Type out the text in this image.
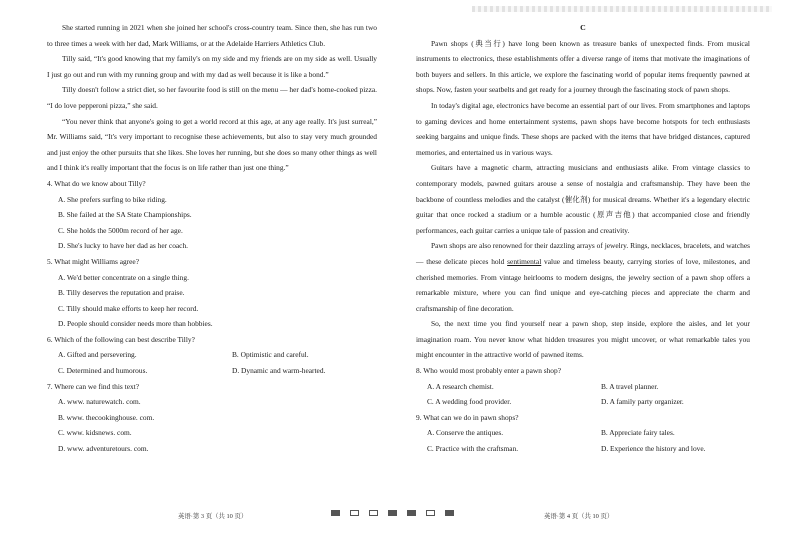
She started running in 2021 when she joined her school's cross-country team. Since then, she has run two to three times a week with her dad, Mark Williams, or at the Adelaide Harriers Athletics Club.

Tilly said, “It's good knowing that my family's on my side and my friends are on my side as well. Usually I just go out and run with my running group and with my dad as well because it is like a bond.”

Tilly doesn't follow a strict diet, so her favourite food is still on the menu — her dad's home-cooked pizza. “I do love pepperoni pizza,” she said.

“You never think that anyone's going to get a world record at this age, at any age really. It's just surreal,” Mr. Williams said, “It's very important to recognise these achievements, but also to stay very much grounded and just enjoy the other pursuits that she likes. She loves her running, but she does so many other things as well and I think it's really important that the focus is on life rather than just one thing.”

4. What do we know about Tilly?

A. She prefers surfing to bike riding.

B. She failed at the SA State Championships.

C. She holds the 5000m record of her age.

D. She's lucky to have her dad as her coach.

5. What might Williams agree?

A. We'd better concentrate on a single thing.

B. Tilly deserves the reputation and praise.

C. Tilly should make efforts to keep her record.

D. People should consider needs more than hobbies.

6. Which of the following can best describe Tilly?

A. Gifted and persevering.	B. Optimistic and careful.
C. Determined and humorous.	D. Dynamic and warm-hearted.

7. Where can we find this text?

A. www. naturewatch. com.

B. www. thecookinghouse. com.

C. www. kidsnews. com.

D. www. adventuretours. com.

C

Pawn shops (典当行) have long been known as treasure banks of unexpected finds. From musical instruments to electronics, these establishments offer a diverse range of items that motivate the imaginations of both buyers and sellers. In this article, we explore the fascinating world of popular items frequently pawned at shops. Now, fasten your seatbelts and get ready for a journey through the fascinating stock of pawn shops.

In today's digital age, electronics have become an essential part of our lives. From smartphones and laptops to gaming devices and home entertainment systems, pawn shops have become hotspots for tech enthusiasts seeking bargains and unique finds. These shops are packed with the items that have bridged distances, captured memories, and entertained us in various ways.

Guitars have a magnetic charm, attracting musicians and enthusiasts alike. From vintage classics to contemporary models, pawned guitars arouse a sense of nostalgia and craftsmanship. They have been the backbone of countless melodies and the catalyst (催化剂) for musical dreams. Whether it's a legendary electric guitar that once rocked a stadium or a humble acoustic (原声吉他) that accompanied close and friendly performances, each guitar carries a unique tale of passion and creativity.

Pawn shops are also renowned for their dazzling arrays of jewelry. Rings, necklaces, bracelets, and watches — these delicate pieces hold sentimental value and timeless beauty, carrying stories of love, milestones, and cherished memories. From vintage heirlooms to modern designs, the jewelry section of a pawn shop offers a remarkable mixture, where you can find unique and eye-catching pieces and appreciate the charm and craftsmanship of fine decoration.

So, the next time you find yourself near a pawn shop, step inside, explore the aisles, and let your imagination roam. You never know what hidden treasures you might uncover, or what remarkable tales you might encounter in the attractive world of pawned items.

8. Who would most probably enter a pawn shop?

A. A research chemist.	B. A travel planner.
C. A wedding food provider.	D. A family party organizer.

9. What can we do in pawn shops?

A. Conserve the antiques.	B. Appreciate fairy tales.
C. Practice with the craftsman.	D. Experience the history and love.
英语·第 3 页（共 10 页）	英语·第 4 页（共 10 页）
